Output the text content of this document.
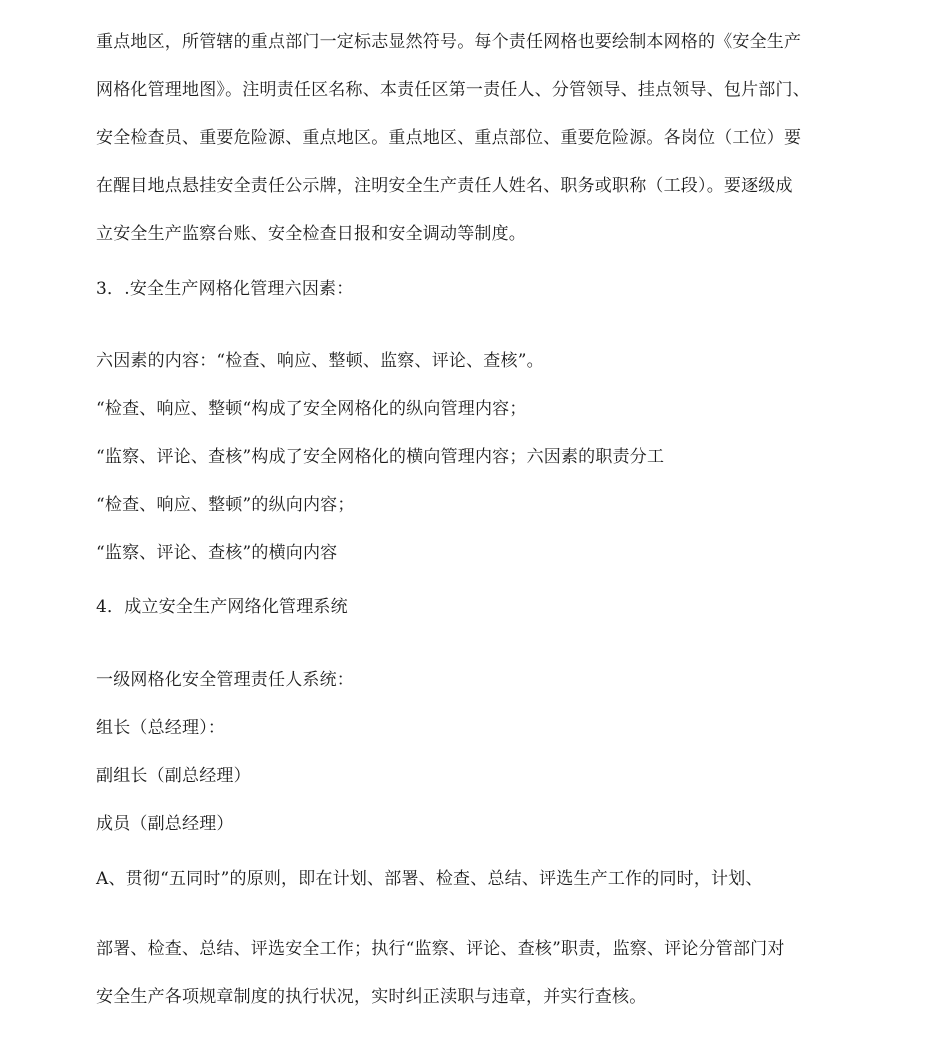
重点地区，所管辖的重点部门一定标志显然符号。每个责任网格也要绘制本网格的《安全生产
网格化管理地图》。注明责任区名称、本责任区第一责任人、分管领导、挂点领导、包片部门、
安全检查员、重要危险源、重点地区。重点地区、重点部位、重要危险源。各岗位（工位）要
在醒目地点悬挂安全责任公示牌，注明安全生产责任人姓名、职务或职称（工段）。要逐级成
立安全生产监察台账、安全检查日报和安全调动等制度。
3．.安全生产网格化管理六因素：
六因素的内容：“检查、响应、整顿、监察、评论、查核”。
“检查、响应、整顿“构成了安全网格化的纵向管理内容；
“监察、评论、查核”构成了安全网格化的横向管理内容；六因素的职责分工
“检查、响应、整顿”的纵向内容；
“监察、评论、查核”的横向内容
4．成立安全生产网络化管理系统
一级网格化安全管理责任人系统：
组长（总经理）：
副组长（副总经理）
成员（副总经理）
A、贯彻“五同时”的原则，即在计划、部署、检查、总结、评选生产工作的同时，计划、
部署、检查、总结、评选安全工作；执行“监察、评论、查核”职责，监察、评论分管部门对
安全生产各项规章制度的执行状况，实时纠正渎职与违章，并实行查核。
